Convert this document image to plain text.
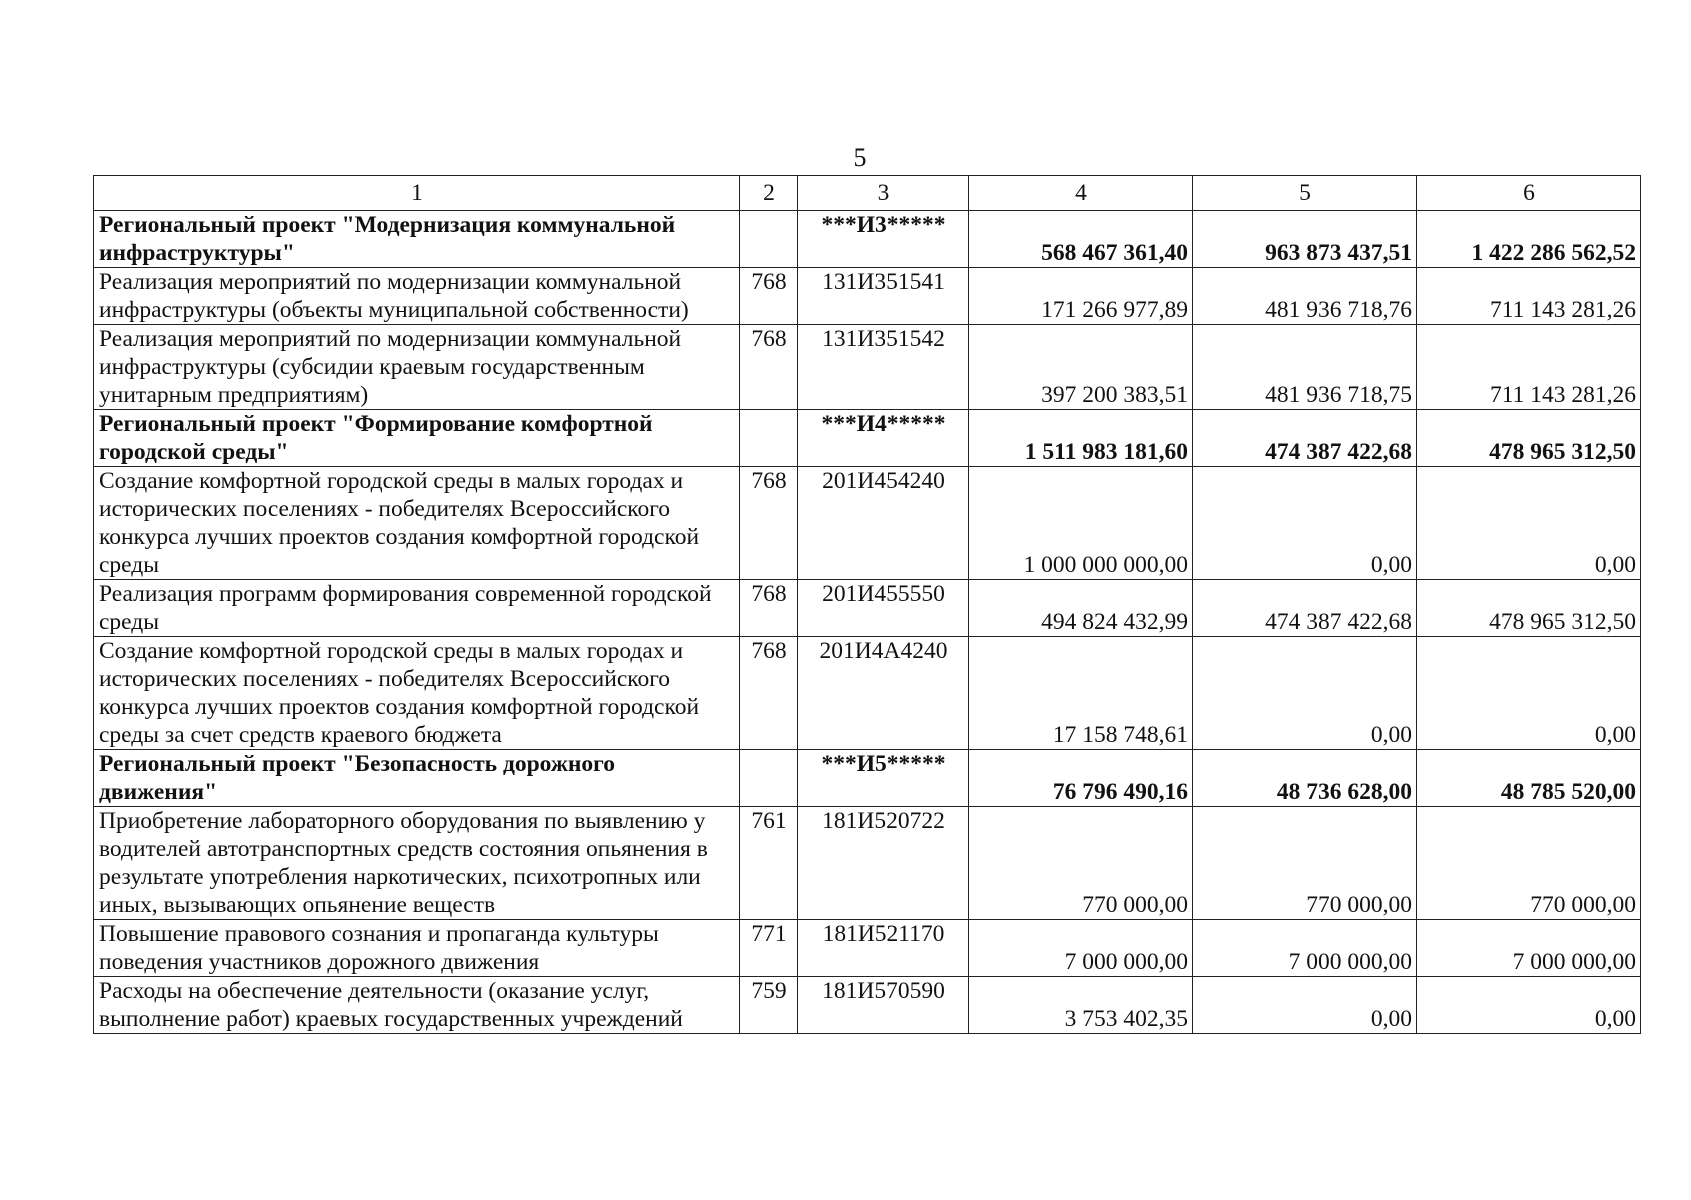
5
1	2	3	4	5	6
Региональный проект "Модернизация коммунальной инфраструктуры"		***И3*****	568 467 361,40	963 873 437,51	1 422 286 562,52
Реализация мероприятий по модернизации коммунальной инфраструктуры (объекты муниципальной собственности)	768	131И351541	171 266 977,89	481 936 718,76	711 143 281,26
Реализация мероприятий по модернизации коммунальной инфраструктуры (субсидии краевым государственным унитарным предприятиям)	768	131И351542	397 200 383,51	481 936 718,75	711 143 281,26
Региональный проект "Формирование комфортной городской среды"		***И4*****	1 511 983 181,60	474 387 422,68	478 965 312,50
Создание комфортной городской среды в малых городах и исторических поселениях - победителях Всероссийского конкурса лучших проектов создания комфортной городской среды	768	201И454240	1 000 000 000,00	0,00	0,00
Реализация программ формирования современной городской среды	768	201И455550	494 824 432,99	474 387 422,68	478 965 312,50
Создание комфортной городской среды в малых городах и исторических поселениях - победителях Всероссийского конкурса лучших проектов создания комфортной городской среды за счет средств краевого бюджета	768	201И4А4240	17 158 748,61	0,00	0,00
Региональный проект "Безопасность дорожного движения"		***И5*****	76 796 490,16	48 736 628,00	48 785 520,00
Приобретение лабораторного оборудования по выявлению у водителей автотранспортных средств состояния опьянения в результате употребления наркотических, психотропных или иных, вызывающих опьянение веществ	761	181И520722	770 000,00	770 000,00	770 000,00
Повышение правового сознания и пропаганда культуры поведения участников дорожного движения	771	181И521170	7 000 000,00	7 000 000,00	7 000 000,00
Расходы на обеспечение деятельности (оказание услуг, выполнение работ) краевых государственных учреждений	759	181И570590	3 753 402,35	0,00	0,00
